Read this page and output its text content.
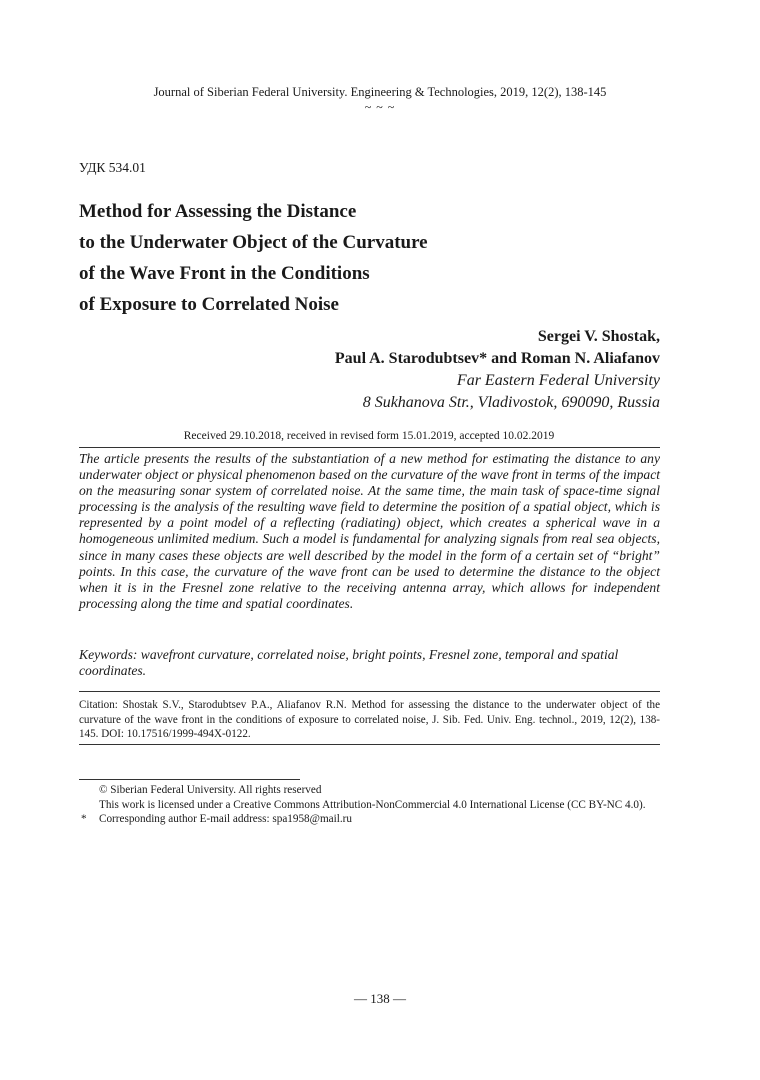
Journal of Siberian Federal University. Engineering & Technologies, 2019, 12(2), 138-145
~ ~ ~
УДК 534.01
Method for Assessing the Distance
to the Underwater Object of the Curvature
of the Wave Front in the Conditions
of Exposure to Correlated Noise
Sergei V. Shostak,
Paul A. Starodubtsev* and Roman N. Aliafanov
Far Eastern Federal University
8 Sukhanova Str., Vladivostok, 690090, Russia
Received 29.10.2018, received in revised form 15.01.2019, accepted 10.02.2019
The article presents the results of the substantiation of a new method for estimating the distance to any underwater object or physical phenomenon based on the curvature of the wave front in terms of the impact on the measuring sonar system of correlated noise. At the same time, the main task of space-time signal processing is the analysis of the resulting wave field to determine the position of a spatial object, which is represented by a point model of a reflecting (radiating) object, which creates a spherical wave in a homogeneous unlimited medium. Such a model is fundamental for analyzing signals from real sea objects, since in many cases these objects are well described by the model in the form of a certain set of “bright” points. In this case, the curvature of the wave front can be used to determine the distance to the object when it is in the Fresnel zone relative to the receiving antenna array, which allows for independent processing along the time and spatial coordinates.
Keywords: wavefront curvature, correlated noise, bright points, Fresnel zone, temporal and spatial coordinates.
Citation: Shostak S.V., Starodubtsev P.A., Aliafanov R.N. Method for assessing the distance to the underwater object of the curvature of the wave front in the conditions of exposure to correlated noise, J. Sib. Fed. Univ. Eng. technol., 2019, 12(2), 138-145. DOI: 10.17516/1999-494X-0122.
© Siberian Federal University. All rights reserved
This work is licensed under a Creative Commons Attribution-NonCommercial 4.0 International License (CC BY-NC 4.0).
* Corresponding author E-mail address: spa1958@mail.ru
― 138 ―
